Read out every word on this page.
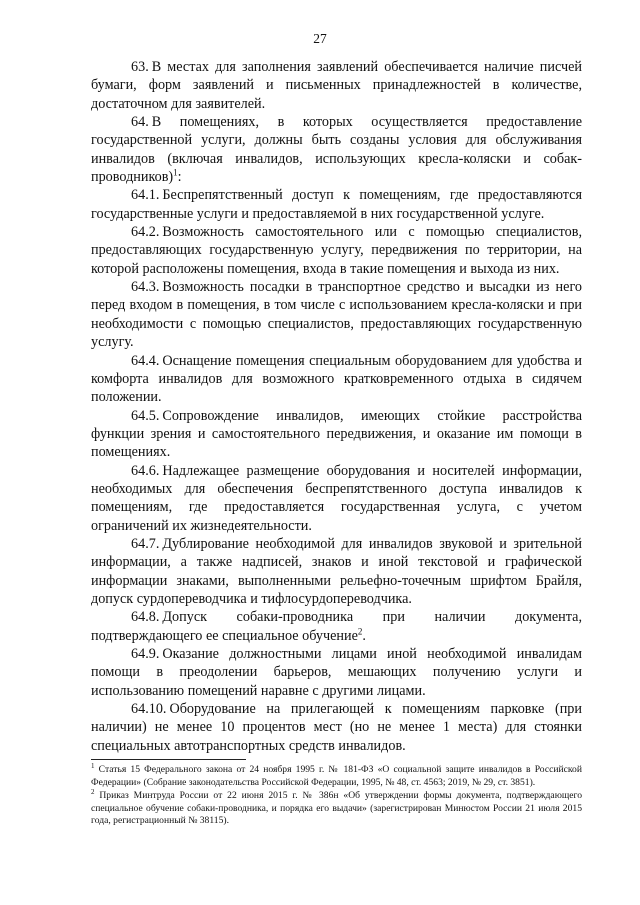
27

63. В местах для заполнения заявлений обеспечивается наличие писчей бумаги, форм заявлений и письменных принадлежностей в количестве, достаточном для заявителей.

64. В помещениях, в которых осуществляется предоставление государственной услуги, должны быть созданы условия для обслуживания инвалидов (включая инвалидов, использующих кресла-коляски и собак-проводников)$^1$:

64.1. Беспрепятственный доступ к помещениям, где предоставляются государственные услуги и предоставляемой в них государственной услуге.

64.2. Возможность самостоятельного или с помощью специалистов, предоставляющих государственную услугу, передвижения по территории, на которой расположены помещения, входа в такие помещения и выхода из них.

64.3. Возможность посадки в транспортное средство и высадки из него перед входом в помещения, в том числе с использованием кресла-коляски и при необходимости с помощью специалистов, предоставляющих государственную услугу.

64.4. Оснащение помещения специальным оборудованием для удобства и комфорта инвалидов для возможного кратковременного отдыха в сидячем положении.

64.5. Сопровождение инвалидов, имеющих стойкие расстройства функции зрения и самостоятельного передвижения, и оказание им помощи в помещениях.

64.6. Надлежащее размещение оборудования и носителей информации, необходимых для обеспечения беспрепятственного доступа инвалидов к помещениям, где предоставляется государственная услуга, с учетом ограничений их жизнедеятельности.

64.7. Дублирование необходимой для инвалидов звуковой и зрительной информации, а также надписей, знаков и иной текстовой и графической информации знаками, выполненными рельефно-точечным шрифтом Брайля, допуск сурдопереводчика и тифлосурдопереводчика.

64.8. Допуск собаки-проводника при наличии документа, подтверждающего ее специальное обучение$^2$.

64.9. Оказание должностными лицами иной необходимой инвалидам помощи в преодолении барьеров, мешающих получению услуги и использованию помещений наравне с другими лицами.

64.10. Оборудование на прилегающей к помещениям парковке (при наличии) не менее 10 процентов мест (но не менее 1 места) для стоянки специальных автотранспортных средств инвалидов.

$^1$ Статья 15 Федерального закона от 24 ноября 1995 г. № 181-ФЗ «О социальной защите инвалидов в Российской Федерации» (Собрание законодательства Российской Федерации, 1995, № 48, ст. 4563; 2019, № 29, ст. 3851).

$^2$ Приказ Минтруда России от 22 июня 2015 г. № 386н «Об утверждении формы документа, подтверждающего специальное обучение собаки-проводника, и порядка его выдачи» (зарегистрирован Минюстом России 21 июля 2015 года, регистрационный № 38115).
